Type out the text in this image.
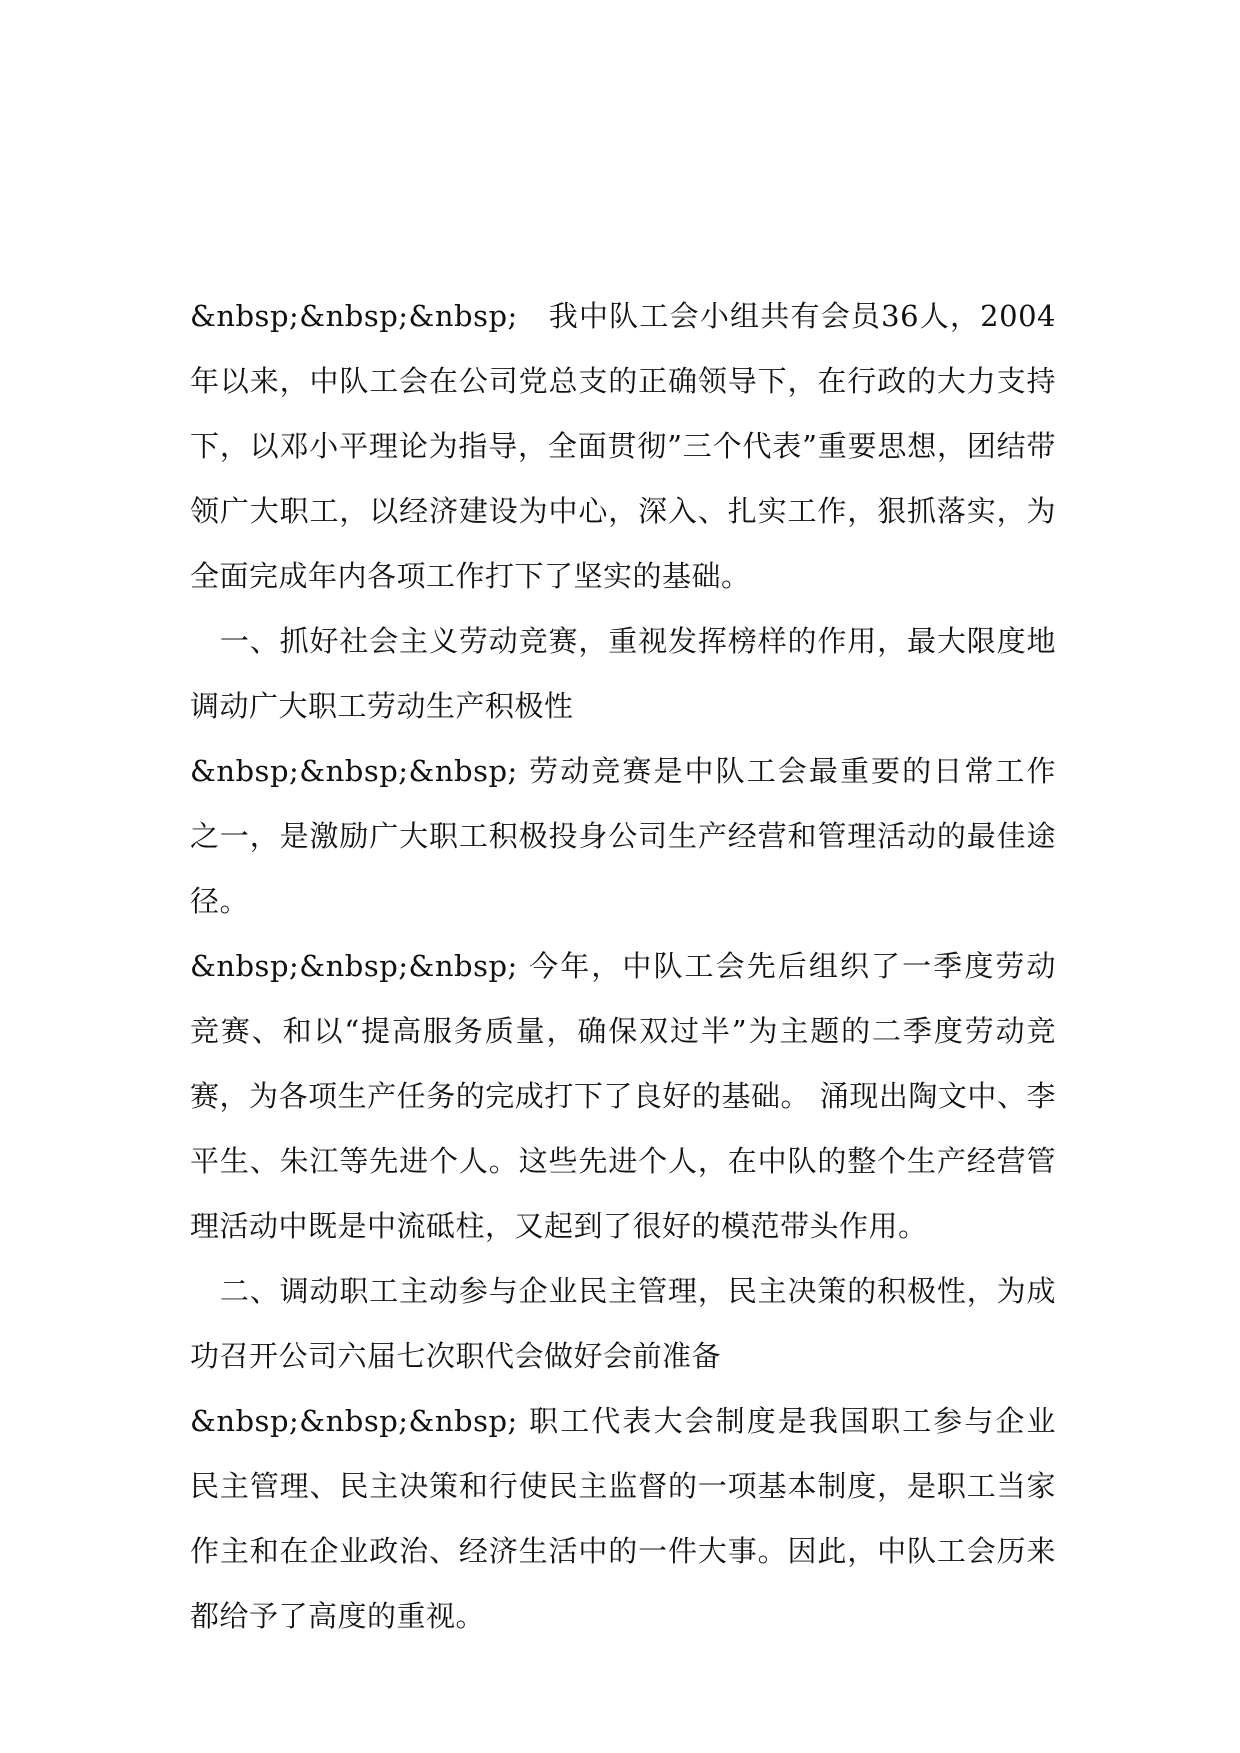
&nbsp;&nbsp;&nbsp;　我中队工会小组共有会员36人，2004年以来，中队工会在公司党总支的正确领导下，在行政的大力支持下，以邓小平理论为指导，全面贯彻”三个代表”重要思想，团结带领广大职工，以经济建设为中心，深入、扎实工作，狠抓落实，为全面完成年内各项工作打下了坚实的基础。

　一、抓好社会主义劳动竞赛，重视发挥榜样的作用，最大限度地调动广大职工劳动生产积极性

&nbsp;&nbsp;&nbsp; 劳动竞赛是中队工会最重要的日常工作之一，是激励广大职工积极投身公司生产经营和管理活动的最佳途径。

&nbsp;&nbsp;&nbsp; 今年，中队工会先后组织了一季度劳动竞赛、和以“提高服务质量，确保双过半”为主题的二季度劳动竞赛，为各项生产任务的完成打下了良好的基础。 涌现出陶文中、李平生、朱江等先进个人。这些先进个人，在中队的整个生产经营管理活动中既是中流砥柱，又起到了很好的模范带头作用。

　二、调动职工主动参与企业民主管理，民主决策的积极性，为成功召开公司六届七次职代会做好会前准备

&nbsp;&nbsp;&nbsp; 职工代表大会制度是我国职工参与企业民主管理、民主决策和行使民主监督的一项基本制度，是职工当家作主和在企业政治、经济生活中的一件大事。因此，中队工会历来都给予了高度的重视。
